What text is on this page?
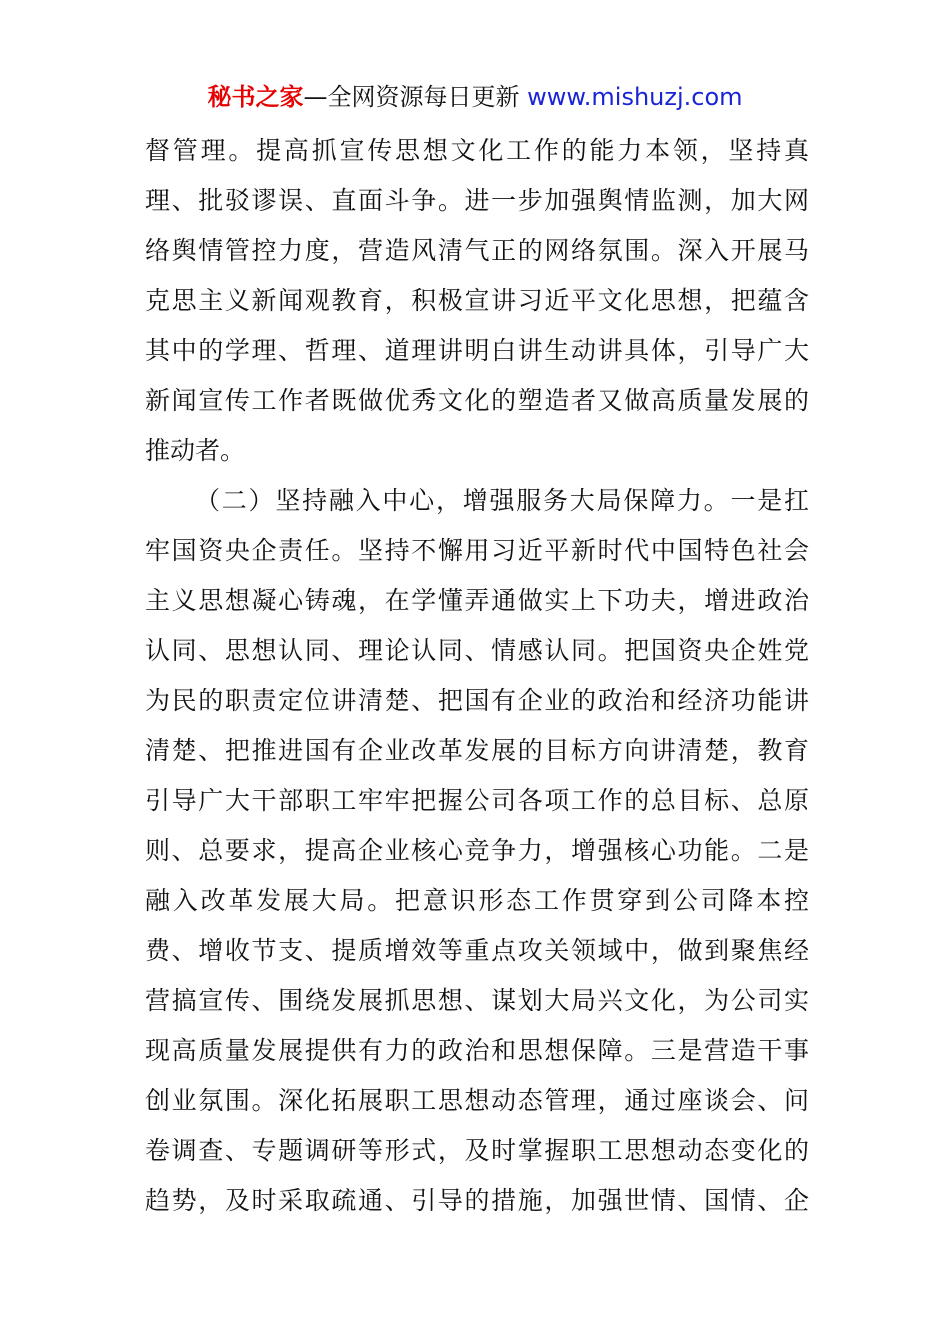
秘书之家—全网资源每日更新 www.mishuzj.com
督管理。提高抓宣传思想文化工作的能力本领，坚持真
理、批驳谬误、直面斗争。进一步加强舆情监测，加大网
络舆情管控力度，营造风清气正的网络氛围。深入开展马
克思主义新闻观教育，积极宣讲习近平文化思想，把蕴含
其中的学理、哲理、道理讲明白讲生动讲具体，引导广大
新闻宣传工作者既做优秀文化的塑造者又做高质量发展的
推动者。
（二）坚持融入中心，增强服务大局保障力。一是扛
牢国资央企责任。坚持不懈用习近平新时代中国特色社会
主义思想凝心铸魂，在学懂弄通做实上下功夫，增进政治
认同、思想认同、理论认同、情感认同。把国资央企姓党
为民的职责定位讲清楚、把国有企业的政治和经济功能讲
清楚、把推进国有企业改革发展的目标方向讲清楚，教育
引导广大干部职工牢牢把握公司各项工作的总目标、总原
则、总要求，提高企业核心竞争力，增强核心功能。二是
融入改革发展大局。把意识形态工作贯穿到公司降本控
费、增收节支、提质增效等重点攻关领域中，做到聚焦经
营搞宣传、围绕发展抓思想、谋划大局兴文化，为公司实
现高质量发展提供有力的政治和思想保障。三是营造干事
创业氛围。深化拓展职工思想动态管理，通过座谈会、问
卷调查、专题调研等形式，及时掌握职工思想动态变化的
趋势，及时采取疏通、引导的措施，加强世情、国情、企
